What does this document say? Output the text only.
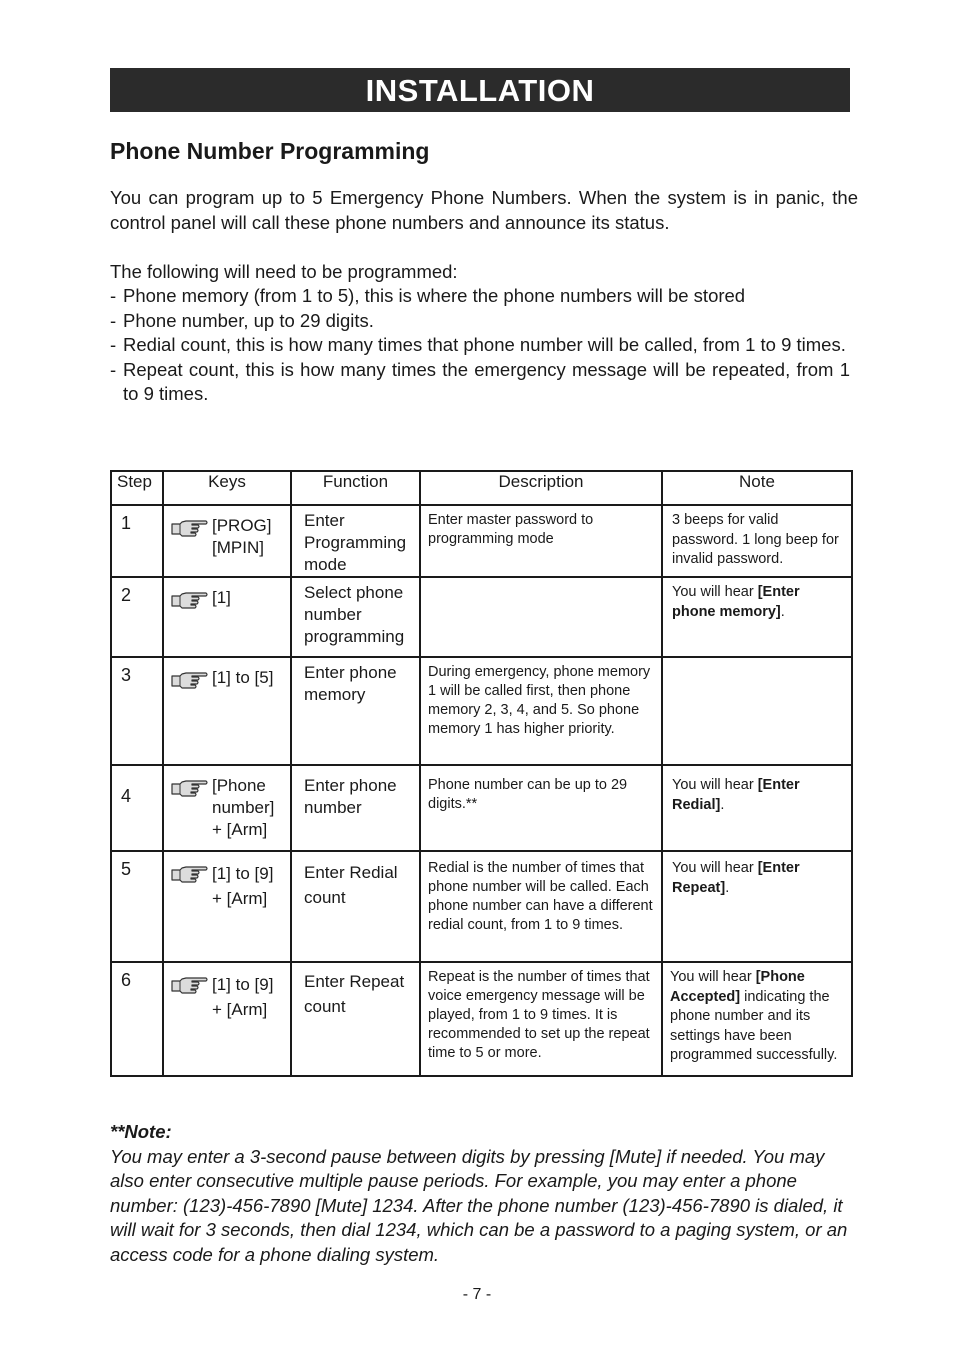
INSTALLATION
Phone Number Programming

You can program up to 5 Emergency Phone Numbers. When the system is in panic, the control panel will call these phone numbers and announce its status.

The following will need to be programmed:
- Phone memory (from 1 to 5), this is where the phone numbers will be stored
- Phone number, up to 29 digits.
- Redial count, this is how many times that phone number will be called, from 1 to 9 times.
- Repeat count, this is how many times the emergency message will be repeated, from 1 to 9 times.
Step	Keys	Function	Description	Note
1	[PROG]
[MPIN]	Enter Programming mode	Enter master password to programming mode	3 beeps for valid password. 1 long beep for invalid password.
2	[1]	Select phone number programming		You will hear [Enter phone memory].
3	[1] to [5]	Enter phone memory	During emergency, phone memory 1 will be called first, then phone memory 2, 3, 4, and 5. So phone memory 1 has higher priority.	
4	[Phone
number]
+ [Arm]	Enter phone number	Phone number can be up to 29 digits.**	You will hear [Enter Redial].
5	[1] to [9]
+ [Arm]	Enter Redial count	Redial is the number of times that phone number will be called. Each phone number can have a different redial count, from 1 to 9 times.	You will hear [Enter Repeat].
6	[1] to [9]
+ [Arm]	Enter Repeat count	Repeat is the number of times that voice emergency message will be played, from 1 to 9 times. It is recommended to set up the repeat time to 5 or more.	You will hear [Phone Accepted] indicating the phone number and its settings have been programmed successfully.
**Note:
You may enter a 3-second pause between digits by pressing [Mute] if needed. You may also enter consecutive multiple pause periods. For example, you may enter a phone number: (123)-456-7890 [Mute] 1234. After the phone number (123)-456-7890 is dialed, it will wait for 3 seconds, then dial 1234, which can be a password to a paging system, or an access code for a phone dialing system.
- 7 -
